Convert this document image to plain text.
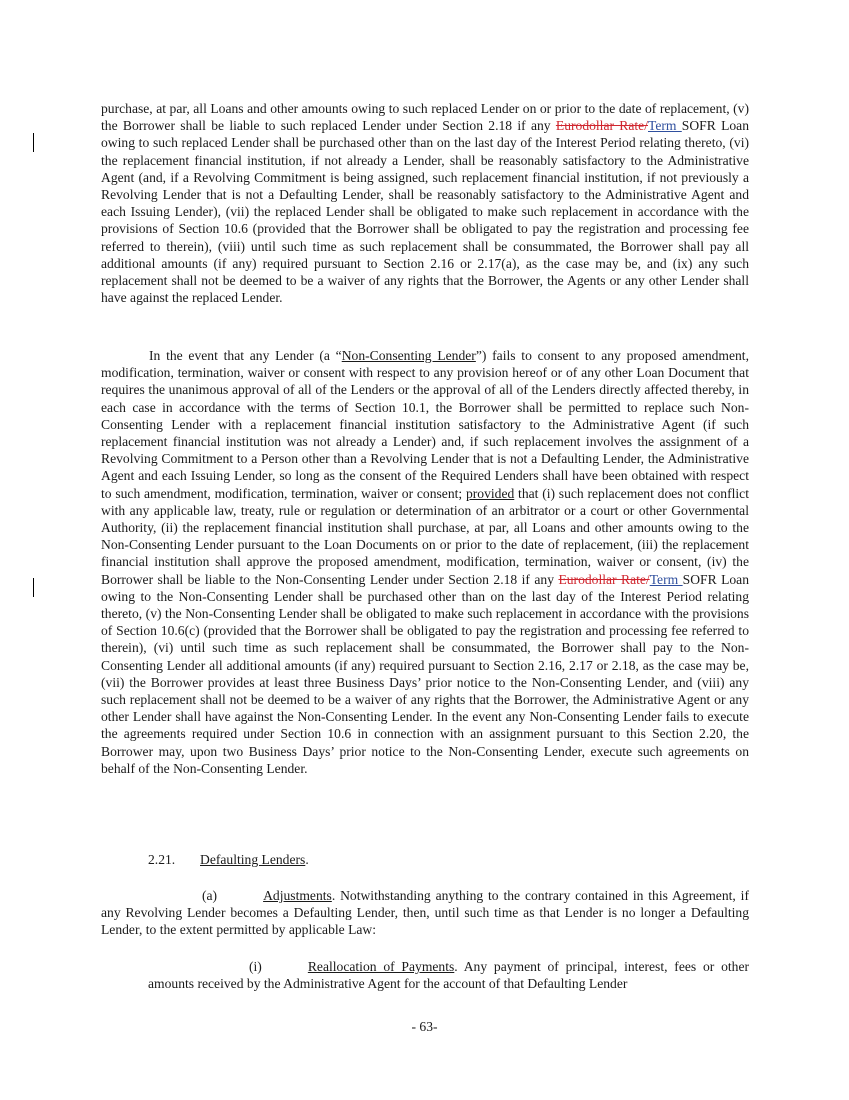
purchase, at par, all Loans and other amounts owing to such replaced Lender on or prior to the date of replacement, (v) the Borrower shall be liable to such replaced Lender under Section 2.18 if any Eurodollar Rate/Term SOFR Loan owing to such replaced Lender shall be purchased other than on the last day of the Interest Period relating thereto, (vi) the replacement financial institution, if not already a Lender, shall be reasonably satisfactory to the Administrative Agent (and, if a Revolving Commitment is being assigned, such replacement financial institution, if not previously a Revolving Lender that is not a Defaulting Lender, shall be reasonably satisfactory to the Administrative Agent and each Issuing Lender), (vii) the replaced Lender shall be obligated to make such replacement in accordance with the provisions of Section 10.6 (provided that the Borrower shall be obligated to pay the registration and processing fee referred to therein), (viii) until such time as such replacement shall be consummated, the Borrower shall pay all additional amounts (if any) required pursuant to Section 2.16 or 2.17(a), as the case may be, and (ix) any such replacement shall not be deemed to be a waiver of any rights that the Borrower, the Agents or any other Lender shall have against the replaced Lender.

In the event that any Lender (a “Non-Consenting Lender”) fails to consent to any proposed amendment, modification, termination, waiver or consent with respect to any provision hereof or of any other Loan Document that requires the unanimous approval of all of the Lenders or the approval of all of the Lenders directly affected thereby, in each case in accordance with the terms of Section 10.1, the Borrower shall be permitted to replace such Non-Consenting Lender with a replacement financial institution satisfactory to the Administrative Agent (if such replacement financial institution was not already a Lender) and, if such replacement involves the assignment of a Revolving Commitment to a Person other than a Revolving Lender that is not a Defaulting Lender, the Administrative Agent and each Issuing Lender, so long as the consent of the Required Lenders shall have been obtained with respect to such amendment, modification, termination, waiver or consent; provided that (i) such replacement does not conflict with any applicable law, treaty, rule or regulation or determination of an arbitrator or a court or other Governmental Authority, (ii) the replacement financial institution shall purchase, at par, all Loans and other amounts owing to the Non-Consenting Lender pursuant to the Loan Documents on or prior to the date of replacement, (iii) the replacement financial institution shall approve the proposed amendment, modification, termination, waiver or consent, (iv) the Borrower shall be liable to the Non-Consenting Lender under Section 2.18 if any Eurodollar Rate/Term SOFR Loan owing to the Non-Consenting Lender shall be purchased other than on the last day of the Interest Period relating thereto, (v) the Non-Consenting Lender shall be obligated to make such replacement in accordance with the provisions of Section 10.6(c) (provided that the Borrower shall be obligated to pay the registration and processing fee referred to therein), (vi) until such time as such replacement shall be consummated, the Borrower shall pay to the Non-Consenting Lender all additional amounts (if any) required pursuant to Section 2.16, 2.17 or 2.18, as the case may be, (vii) the Borrower provides at least three Business Days’ prior notice to the Non-Consenting Lender, and (viii) any such replacement shall not be deemed to be a waiver of any rights that the Borrower, the Administrative Agent or any other Lender shall have against the Non-Consenting Lender. In the event any Non-Consenting Lender fails to execute the agreements required under Section 10.6 in connection with an assignment pursuant to this Section 2.20, the Borrower may, upon two Business Days’ prior notice to the Non-Consenting Lender, execute such agreements on behalf of the Non-Consenting Lender.

2.21. Defaulting Lenders.

(a)	Adjustments. Notwithstanding anything to the contrary contained in this Agreement, if any Revolving Lender becomes a Defaulting Lender, then, until such time as that Lender is no longer a Defaulting Lender, to the extent permitted by applicable Law:

(i)	Reallocation of Payments. Any payment of principal, interest, fees or other amounts received by the Administrative Agent for the account of that Defaulting Lender

- 63-
